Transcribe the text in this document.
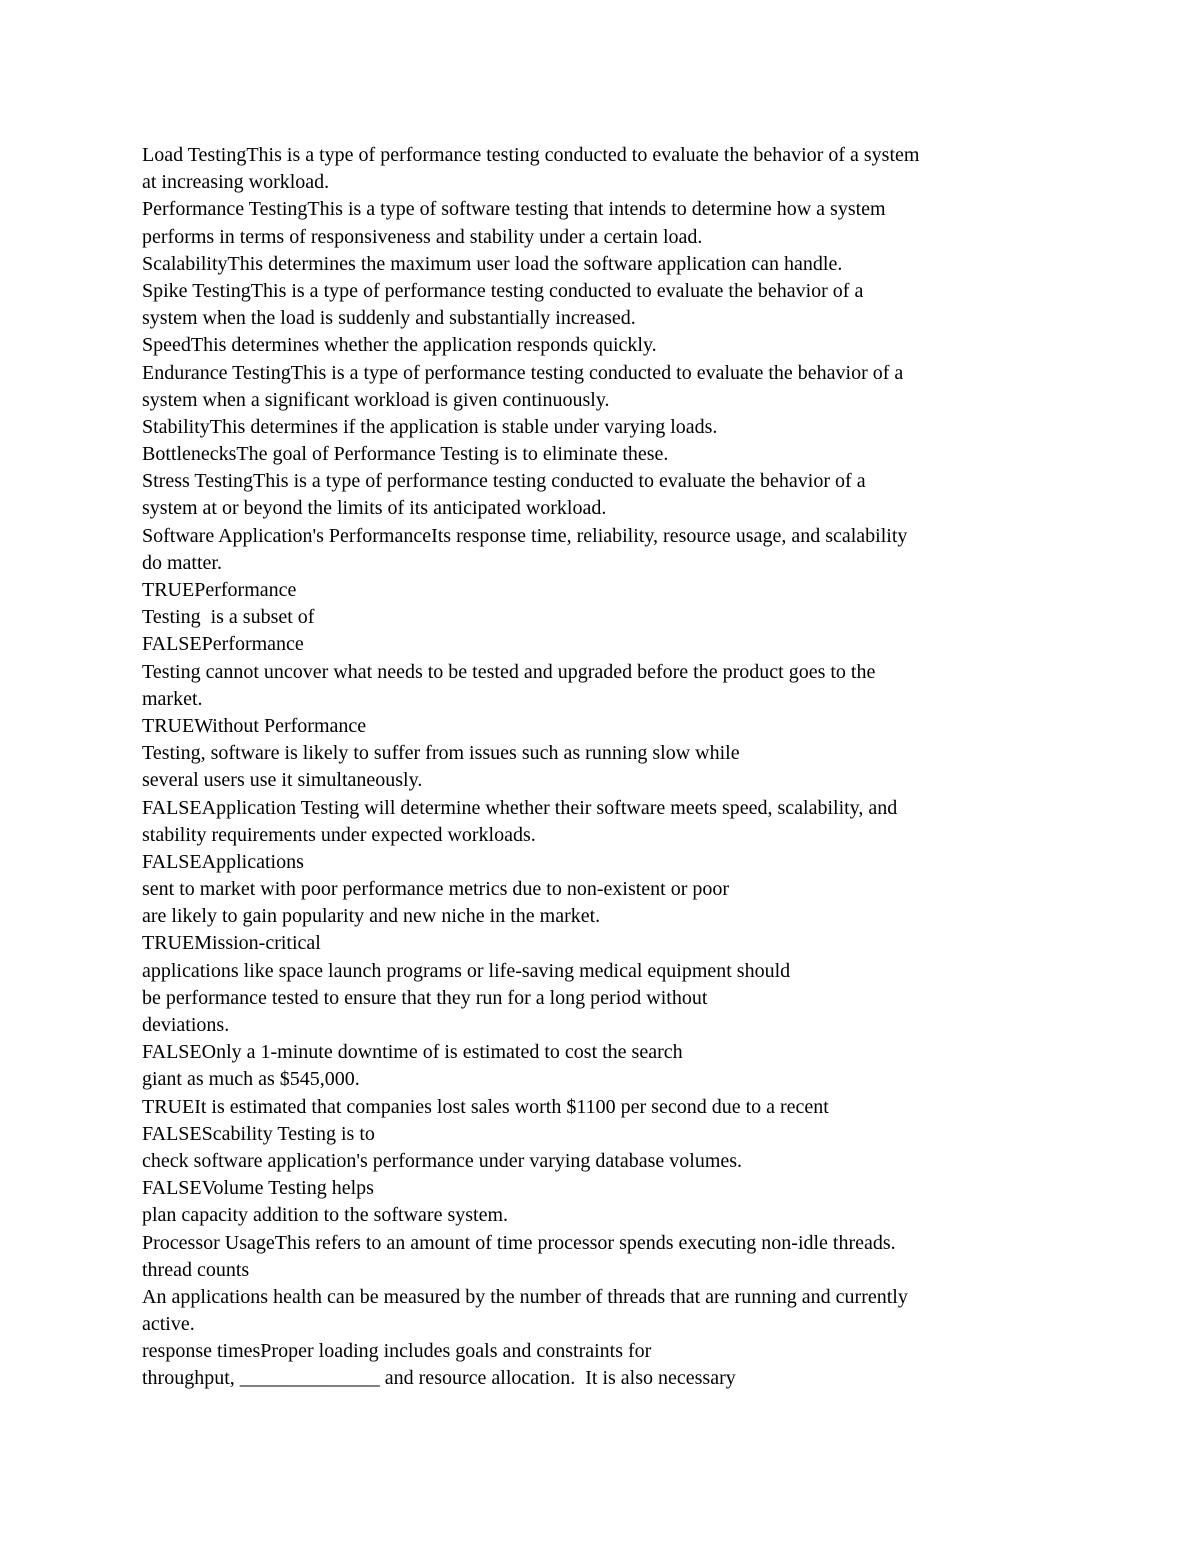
Load TestingThis is a type of performance testing conducted to evaluate the behavior of a system
at increasing workload.
Performance TestingThis is a type of software testing that intends to determine how a system
performs in terms of responsiveness and stability under a certain load.
ScalabilityThis determines the maximum user load the software application can handle.
Spike TestingThis is a type of performance testing conducted to evaluate the behavior of a
system when the load is suddenly and substantially increased.
SpeedThis determines whether the application responds quickly.
Endurance TestingThis is a type of performance testing conducted to evaluate the behavior of a
system when a significant workload is given continuously.
StabilityThis determines if the application is stable under varying loads.
BottlenecksThe goal of Performance Testing is to eliminate these.
Stress TestingThis is a type of performance testing conducted to evaluate the behavior of a
system at or beyond the limits of its anticipated workload.
Software Application's PerformanceIts response time, reliability, resource usage, and scalability
do matter.
TRUEPerformance
Testing  is a subset of
FALSEPerformance
Testing cannot uncover what needs to be tested and upgraded before the product goes to the
market.
TRUEWithout Performance
Testing, software is likely to suffer from issues such as running slow while
several users use it simultaneously.
FALSEApplication Testing will determine whether their software meets speed, scalability, and
stability requirements under expected workloads.
FALSEApplications
sent to market with poor performance metrics due to non-existent or poor
are likely to gain popularity and new niche in the market.
TRUEMission-critical
applications like space launch programs or life-saving medical equipment should
be performance tested to ensure that they run for a long period without
deviations.
FALSEOnly a 1-minute downtime of is estimated to cost the search
giant as much as $545,000.
TRUEIt is estimated that companies lost sales worth $1100 per second due to a recent
FALSEScability Testing is to
check software application's performance under varying database volumes.
FALSEVolume Testing helps
plan capacity addition to the software system.
Processor UsageThis refers to an amount of time processor spends executing non-idle threads.
thread counts
An applications health can be measured by the number of threads that are running and currently
active.
response timesProper loading includes goals and constraints for
throughput, ______________ and resource allocation.  It is also necessary
